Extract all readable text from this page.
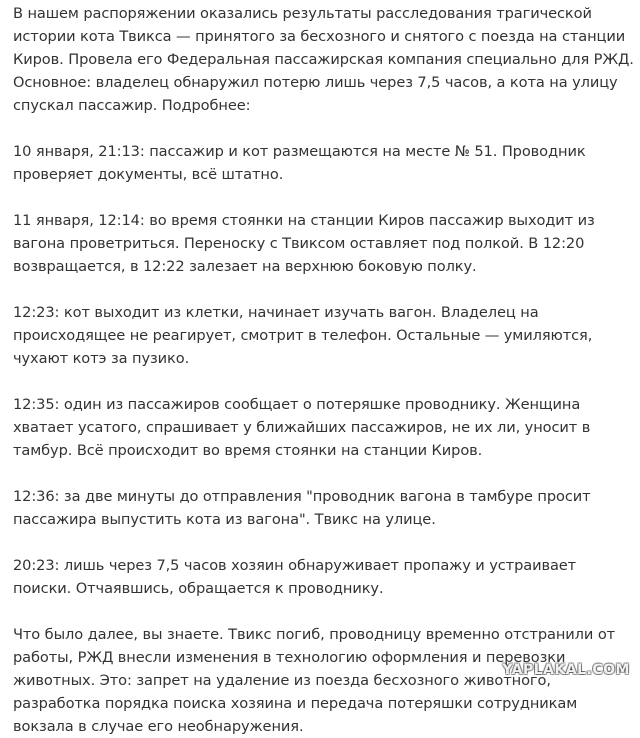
В нашем распоряжении оказались результаты расследования трагической истории кота Твикса — принятого за бесхозного и снятого с поезда на станции Киров. Провела его Федеральная пассажирская компания специально для РЖД. Основное: владелец обнаружил потерю лишь через 7,5 часов, а кота на улицу спускал пассажир. Подробнее:

10 января, 21:13: пассажир и кот размещаются на месте № 51. Проводник проверяет документы, всё штатно.

11 января, 12:14: во время стоянки на станции Киров пассажир выходит из вагона проветриться. Переноску с Твиксом оставляет под полкой. В 12:20 возвращается, в 12:22 залезает на верхнюю боковую полку.

12:23: кот выходит из клетки, начинает изучать вагон. Владелец на происходящее не реагирует, смотрит в телефон. Остальные — умиляются, чухают котэ за пузико.

12:35: один из пассажиров сообщает о потеряшке проводнику. Женщина хватает усатого, спрашивает у ближайших пассажиров, не их ли, уносит в тамбур. Всё происходит во время стоянки на станции Киров.

12:36: за две минуты до отправления "проводник вагона в тамбуре просит пассажира выпустить кота из вагона". Твикс на улице.

20:23: лишь через 7,5 часов хозяин обнаруживает пропажу и устраивает поиски. Отчаявшись, обращается к проводнику.

Что было далее, вы знаете. Твикс погиб, проводницу временно отстранили от работы, РЖД внесли изменения в технологию оформления и перевозки животных. Это: запрет на удаление из поезда бесхозного животного, разработка порядка поиска хозяина и передача потеряшки сотрудникам вокзала в случае его необнаружения.

YAPLAKAL.COM
